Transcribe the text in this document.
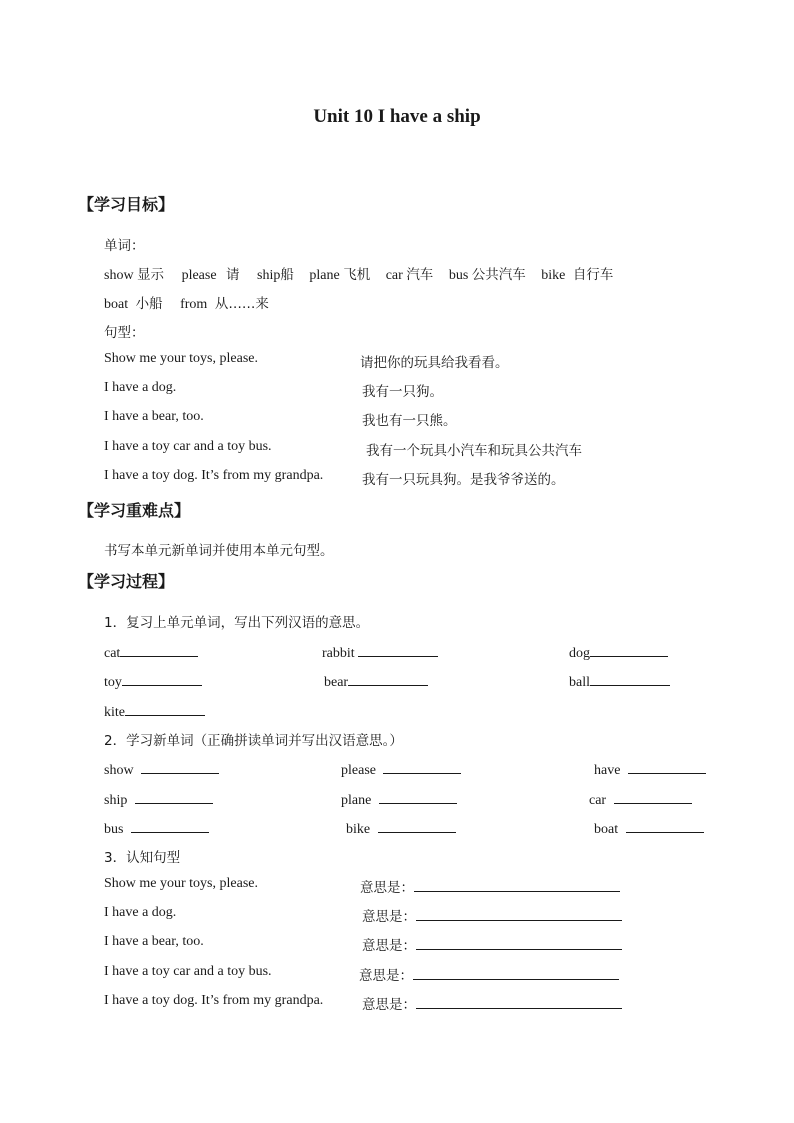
Unit 10 I have a ship
【学习目标】
单词：
show 显示 please 请 ship船 plane 飞机 car 汽车 bus 公共汽车 bike 自行车
boat 小船 from 从……来
句型：
Show me your toys, please.	请把你的玩具给我看看。
I have a dog.	我有一只狗。
I have a bear, too.	我也有一只熊。
I have a toy car and a toy bus.	我有一个玩具小汽车和玩具公共汽车
I have a toy dog. It’s from my grandpa.	我有一只玩具狗。是我爷爷送的。
【学习重难点】
书写本单元新单词并使用本单元句型。
【学习过程】
1．复习上单元单词，写出下列汉语的意思。
cat	rabbit	dog
toy	bear	ball
kite
2．学习新单词（正确拼读单词并写出汉语意思。）
show	please	have
ship	plane	car
bus	bike	boat
3．认知句型
Show me your toys, please.	意思是：
I have a dog.	意思是：
I have a bear, too.	意思是：
I have a toy car and a toy bus.	意思是：
I have a toy dog. It’s from my grandpa.	意思是：
